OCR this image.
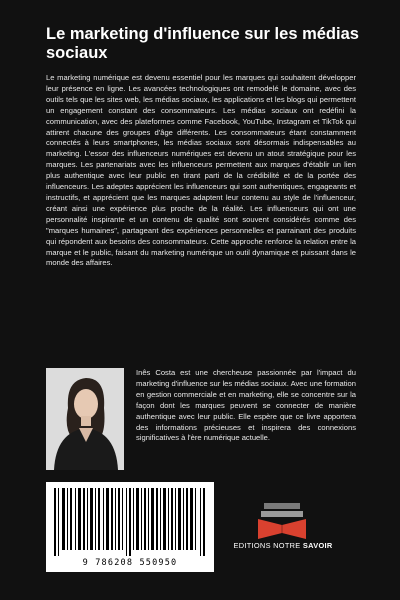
Le marketing d'influence sur les médias sociaux
Le marketing numérique est devenu essentiel pour les marques qui souhaitent développer leur présence en ligne. Les avancées technologiques ont remodelé le domaine, avec des outils tels que les sites web, les médias sociaux, les applications et les blogs qui permettent un engagement constant des consommateurs. Les médias sociaux ont redéfini la communication, avec des plateformes comme Facebook, YouTube, Instagram et TikTok qui attirent chacune des groupes d'âge différents. Les consommateurs étant constamment connectés à leurs smartphones, les médias sociaux sont désormais indispensables au marketing. L'essor des influenceurs numériques est devenu un atout stratégique pour les marques. Les partenariats avec les influenceurs permettent aux marques d'établir un lien plus authentique avec leur public en tirant parti de la crédibilité et de la portée des influenceurs. Les adeptes apprécient les influenceurs qui sont authentiques, engageants et instructifs, et apprécient que les marques adaptent leur contenu au style de l'influenceur, créant ainsi une expérience plus proche de la réalité. Les influenceurs qui ont une personnalité inspirante et un contenu de qualité sont souvent considérés comme des "marques humaines", partageant des expériences personnelles et parrainant des produits qui répondent aux besoins des consommateurs. Cette approche renforce la relation entre la marque et le public, faisant du marketing numérique un outil dynamique et puissant dans le monde des affaires.
Inês Costa est une chercheuse passionnée par l'impact du marketing d'influence sur les médias sociaux. Avec une formation en gestion commerciale et en marketing, elle se concentre sur la façon dont les marques peuvent se connecter de manière authentique avec leur public. Elle espère que ce livre apportera des informations précieuses et inspirera des connexions significatives à l'ère numérique actuelle.
9 786208 550950
EDITIONS NOTRE SAVOIR
